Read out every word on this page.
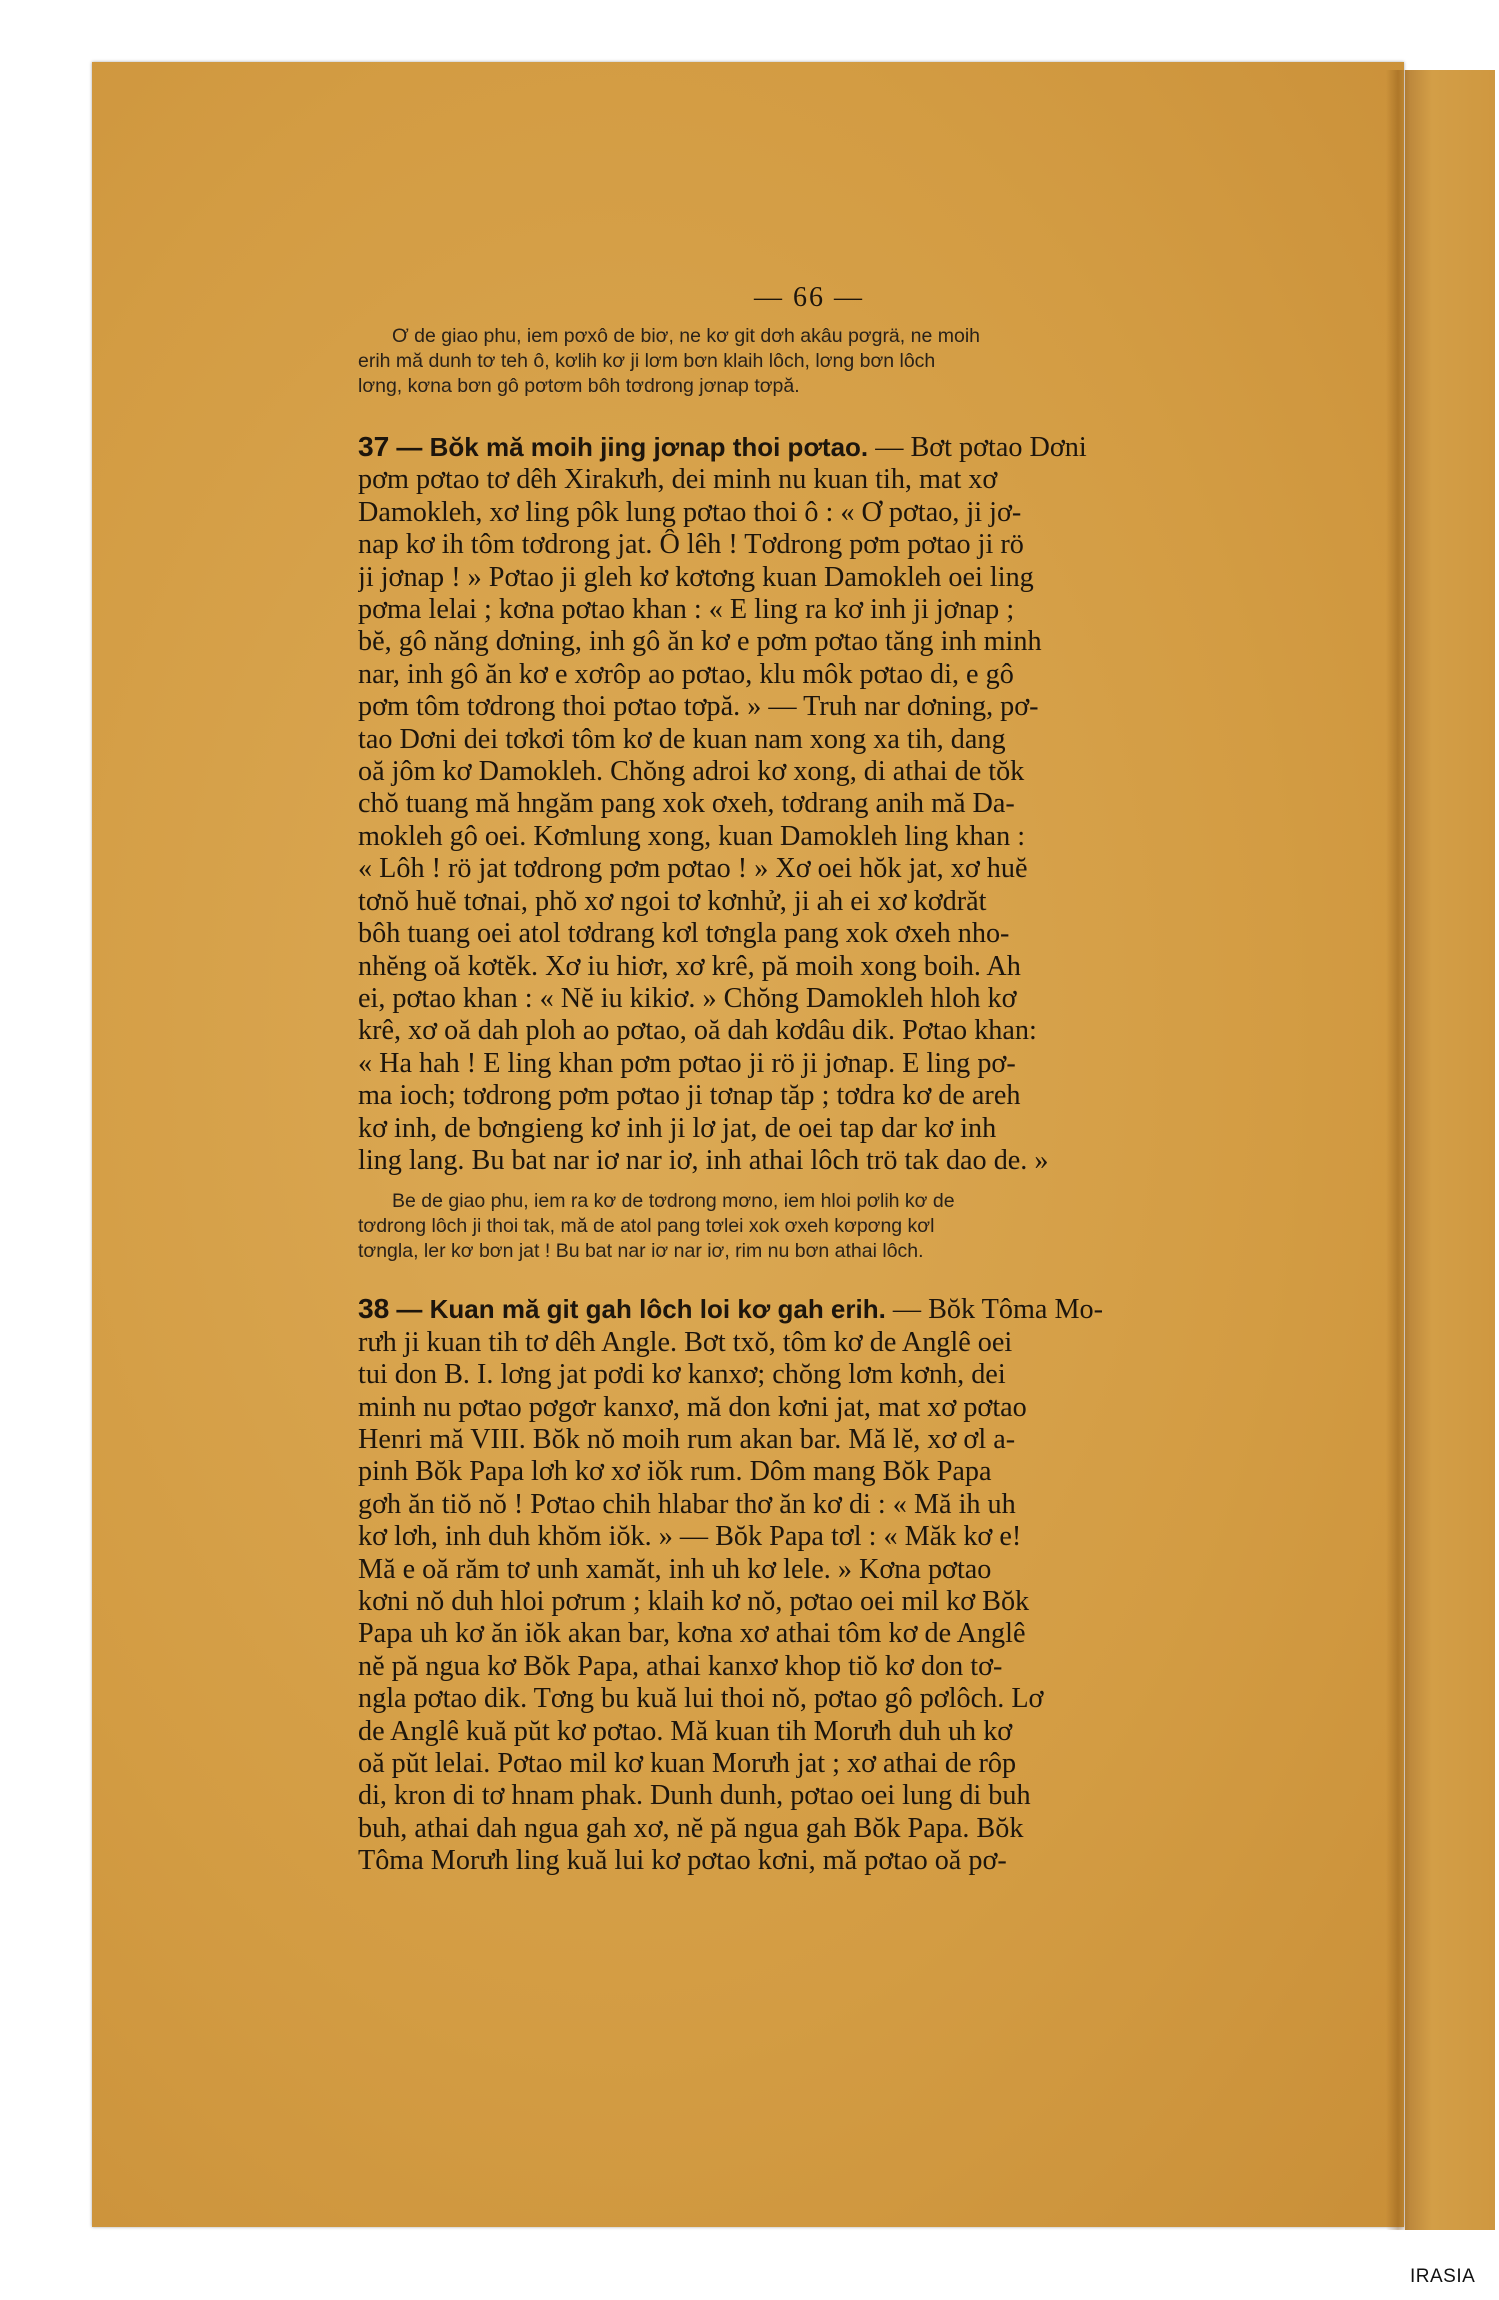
— 66 —
Ơ de giao phu, iem pơxô de biơ, ne kơ git dơh akâu pơgrä, ne moih
erih mă dunh tơ teh ô, kơlih kơ ji lơm bơn klaih lôch, lơng bơn lôch
lơng, kơna bơn gô pơtơm bôh tơdrong jơnap tơpă.
37 — Bŏk mă moih jing jơnap thoi pơtao. — Bơt pơtao Dơni
pơm pơtao tơ dêh Xirakưh, dei minh nu kuan tih, mat xơ
Damokleh, xơ ling pôk lung pơtao thoi ô : « Ơ pơtao, ji jơ-
nap kơ ih tôm tơdrong jat. Ô lêh ! Tơdrong pơm pơtao ji rö
ji jơnap ! » Pơtao ji gleh kơ kơtơng kuan Damokleh oei ling
pơma lelai ; kơna pơtao khan : « E ling ra kơ inh ji jơnap ;
bĕ, gô năng dơning, inh gô ăn kơ e pơm pơtao tăng inh minh
nar, inh gô ăn kơ e xơrôp ao pơtao, klu môk pơtao di, e gô
pơm tôm tơdrong thoi pơtao tơpă. » — Truh nar dơning, pơ-
tao Dơni dei tơkơi tôm kơ de kuan nam xong xa tih, dang
oă jôm kơ Damokleh. Chŏng adroi kơ xong, di athai de tŏk
chŏ tuang mă hngăm pang xok ơxeh, tơdrang anih mă Da-
mokleh gô oei. Kơmlung xong, kuan Damokleh ling khan :
« Lôh ! rö jat tơdrong pơm pơtao ! » Xơ oei hŏk jat, xơ huĕ
tơnŏ huĕ tơnai, phŏ xơ ngoi tơ kơnhử, ji ah ei xơ kơdrăt
bôh tuang oei atol tơdrang kơl tơngla pang xok ơxeh nho-
nhĕng oă kơtĕk. Xơ iu hiơr, xơ krê, pă moih xong boih. Ah
ei, pơtao khan : « Nĕ iu kikiơ. » Chŏng Damokleh hloh kơ
krê, xơ oă dah ploh ao pơtao, oă dah kơdâu dik. Pơtao khan:
« Ha hah ! E ling khan pơm pơtao ji rö ji jơnap. E ling pơ-
ma ioch; tơdrong pơm pơtao ji tơnap tăp ; tơdra kơ de areh
kơ inh, de bơngieng kơ inh ji lơ jat, de oei tap dar kơ inh
ling lang. Bu bat nar iơ nar iơ, inh athai lôch trö tak dao de. »
Be de giao phu, iem ra kơ de tơdrong mơno, iem hloi pơlih kơ de
tơdrong lôch ji thoi tak, mă de atol pang tơlei xok ơxeh kơpơng kơl
tơngla, ler kơ bơn jat ! Bu bat nar iơ nar iơ, rim nu bơn athai lôch.
38 — Kuan mă git gah lôch loi kơ gah erih. — Bŏk Tôma Mo-
rưh ji kuan tih tơ dêh Angle. Bơt txŏ, tôm kơ de Anglê oei
tui don B. I. lơng jat pơdi kơ kanxơ; chŏng lơm kơnh, dei
minh nu pơtao pơgơr kanxơ, mă don kơni jat, mat xơ pơtao
Henri mă VIII. Bŏk nŏ moih rum akan bar. Mă lĕ, xơ ơl a-
pinh Bŏk Papa lơh kơ xơ iŏk rum. Dôm mang Bŏk Papa
gơh ăn tiŏ nŏ ! Pơtao chih hlabar thơ ăn kơ di : « Mă ih uh
kơ lơh, inh duh khŏm iŏk. » — Bŏk Papa tơl : « Măk kơ e!
Mă e oă răm tơ unh xamăt, inh uh kơ lele. » Kơna pơtao
kơni nŏ duh hloi pơrum ; klaih kơ nŏ, pơtao oei mil kơ Bŏk
Papa uh kơ ăn iŏk akan bar, kơna xơ athai tôm kơ de Anglê
nĕ pă ngua kơ Bŏk Papa, athai kanxơ khop tiŏ kơ don tơ-
ngla pơtao dik. Tơng bu kuă lui thoi nŏ, pơtao gô pơlôch. Lơ
de Anglê kuă pŭt kơ pơtao. Mă kuan tih Morưh duh uh kơ
oă pŭt lelai. Pơtao mil kơ kuan Morưh jat ; xơ athai de rôp
di, kron di tơ hnam phak. Dunh dunh, pơtao oei lung di buh
buh, athai dah ngua gah xơ, nĕ pă ngua gah Bŏk Papa. Bŏk
Tôma Morưh ling kuă lui kơ pơtao kơni, mă pơtao oă pơ-
IRASIA
